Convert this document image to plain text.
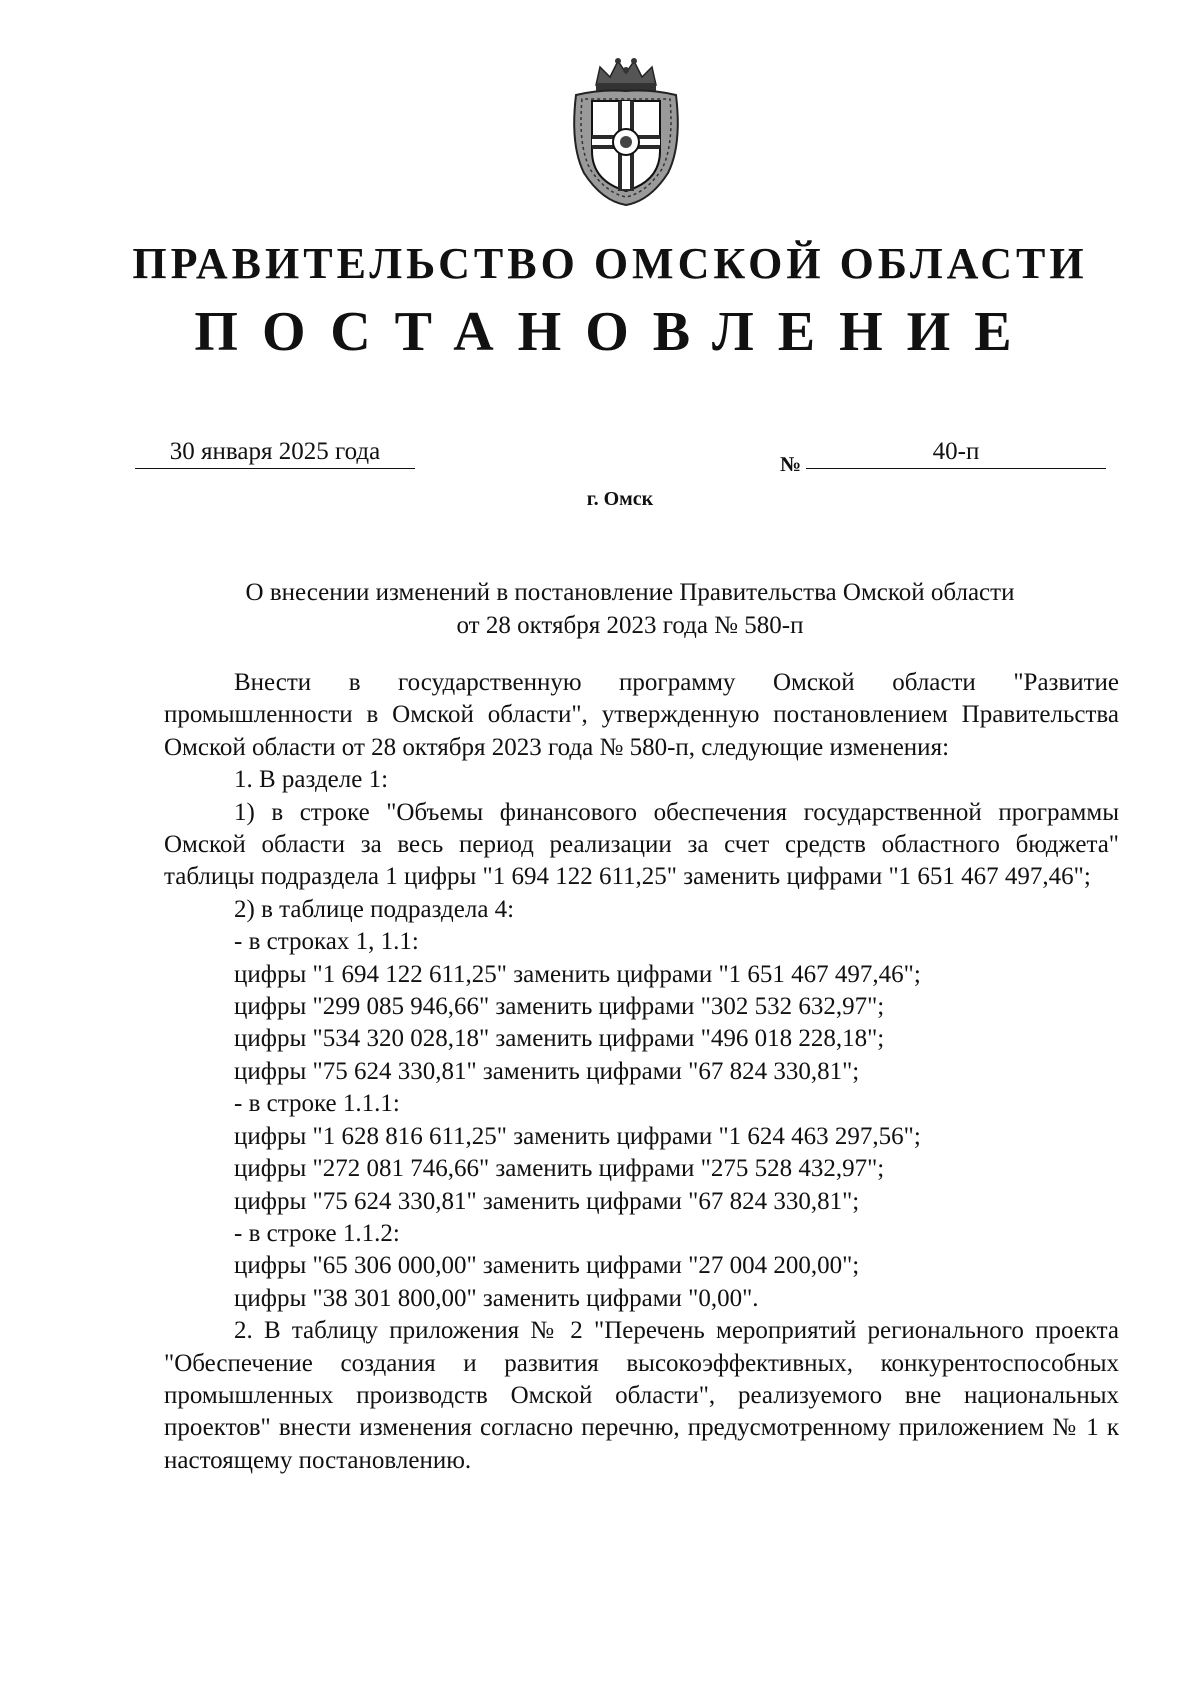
ПРАВИТЕЛЬСТВО ОМСКОЙ ОБЛАСТИ
ПОСТАНОВЛЕНИЕ
30 января 2025 года	№	40-п
г. Омск
О внесении изменений в постановление Правительства Омской области
от 28 октября 2023 года № 580-п

Внести в государственную программу Омской области "Развитие промышленности в Омской области", утвержденную постановлением Правительства Омской области от 28 октября 2023 года № 580-п, следующие изменения:

1. В разделе 1:

1) в строке "Объемы финансового обеспечения государственной программы Омской области за весь период реализации за счет средств областного бюджета" таблицы подраздела 1 цифры "1 694 122 611,25" заменить цифрами "1 651 467 497,46";

2) в таблице подраздела 4:

- в строках 1, 1.1:

цифры "1 694 122 611,25" заменить цифрами "1 651 467 497,46";

цифры "299 085 946,66" заменить цифрами "302 532 632,97";

цифры "534 320 028,18" заменить цифрами "496 018 228,18";

цифры "75 624 330,81" заменить цифрами "67 824 330,81";

- в строке 1.1.1:

цифры "1 628 816 611,25" заменить цифрами "1 624 463 297,56";

цифры "272 081 746,66" заменить цифрами "275 528 432,97";

цифры "75 624 330,81" заменить цифрами "67 824 330,81";

- в строке 1.1.2:

цифры "65 306 000,00" заменить цифрами "27 004 200,00";

цифры "38 301 800,00" заменить цифрами "0,00".

2. В таблицу приложения № 2 "Перечень мероприятий регионального проекта "Обеспечение создания и развития высокоэффективных, конкурентоспособных промышленных производств Омской области", реализуемого вне национальных проектов" внести изменения согласно перечню, предусмотренному приложением № 1 к настоящему постановлению.
